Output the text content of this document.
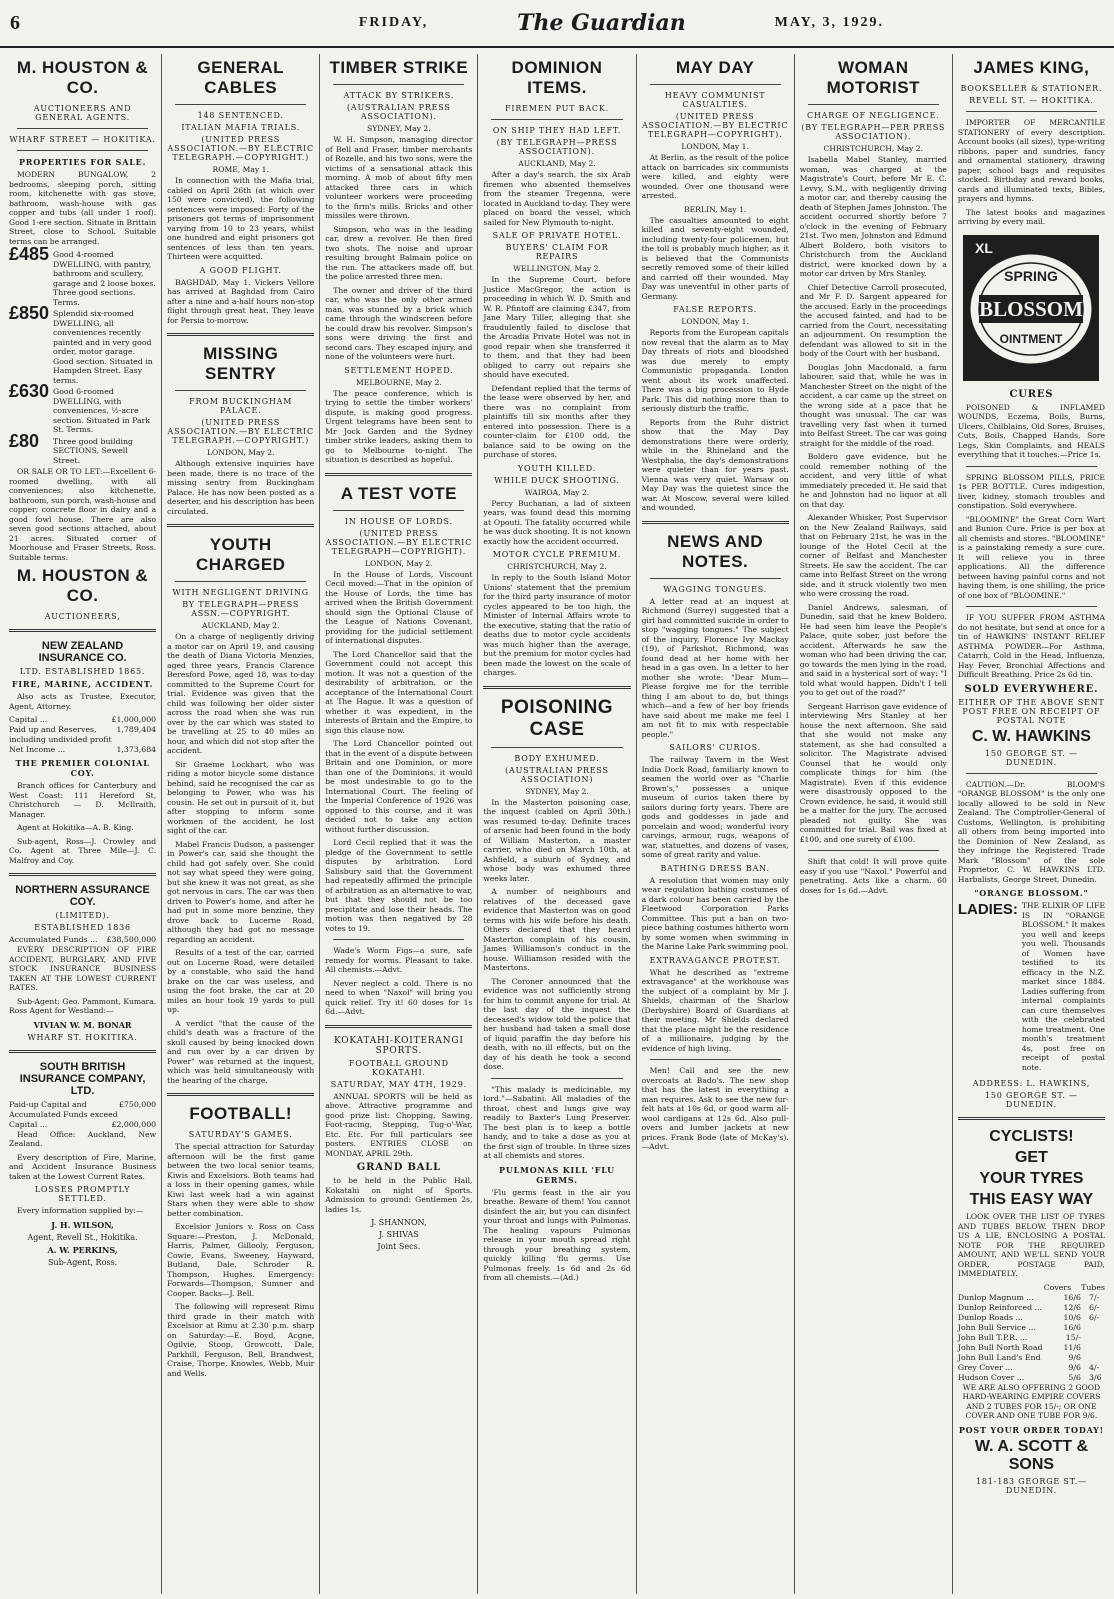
6	FRIDAY,	The Guardian	MAY, 3, 1929.
M. HOUSTON & CO.
AUCTIONEERS AND GENERAL AGENTS.
WHARF STREET — HOKITIKA.
PROPERTIES FOR SALE.

MODERN BUNGALOW, 2 bedrooms, sleeping porch, sitting room, kitchenette with gas stove, bathroom, wash-house with gas copper and tubs (all under 1 roof). Good 1-ere section. Situate in Brittain Street, close to School. Suitable terms can be arranged.

£485 Good 4-roomed DWELLING, with pantry, bathroom and scullery, garage and 2 loose boxes. Three good sections. Terms.
£850 Splendid six-roomed DWELLING, all conveniences recently painted and in very good order, motor garage. Good section. Situated in Hampden Street. Easy terms.
£630 Good 6-roomed DWELLING, with conveniences, ½-acre section. Situated in Park St. Terms.
£80	Three good building SECTIONS, Sewell Street.

OR SALE OR TO LET:—Excellent 6-roomed dwelling, with all conveniences; also kitchenette, bathroom, sun porch, wash-house and copper; concrete floor in dairy and a good fowl house. There are also seven good sections attached, about 21 acres. Situated corner of Moorhouse and Fraser Streets, Ross. Suitable terms.

M. HOUSTON & CO.
AUCTIONEERS,
NEW ZEALAND INSURANCE CO.
LTD. ESTABLISHED 1865.
FIRE, MARINE, ACCIDENT.

Also acts as Trustee, Executor, Agent, Attorney.

Capital ...	£1,000,000
Paid up and Reserves, including undivided profit
1,789,404
Net Income ...	1,373,684
THE PREMIER COLONIAL COY.

Branch offices for Canterbury and West Coast: 111 Hereford St, Christchurch — D. McIlraith, Manager.

Agent at Hokitika—A. B. King.

Sub-agent, Ross—J. Crowley and Co. Agent at Three Mile—J. C. Malfroy and Coy.

NORTHERN ASSURANCE COY.
(LIMITED).
ESTABLISHED 1836
Accumulated Funds ... £38,500,000

EVERY DESCRIPTION OF FIRE ACCIDENT, BURGLARY, AND FIVE STOCK INSURANCE BUSINESS TAKEN AT THE LOWEST CURRENT RATES.

Sub-Agent: Geo. Pammont, Kumara. Ross Agent for Westland:—

VIVIAN W. M. BONAR
WHARF ST. HOKITIKA.
SOUTH BRITISH INSURANCE COMPANY, LTD.
Paid-up Capital and Accumulated Funds exceed
£750,000
Capital ...	£2,000,000

Head Office: Auckland, New Zealand.

Every description of Fire, Marine, and Accident Insurance Business taken at the Lowest Current Rates.

LOSSES PROMPTLY SETTLED.

Every information supplied by:—

J. H. WILSON,
Agent, Revell St., Hokitika.
A. W. PERKINS,
Sub-Agent, Ross.
GENERAL CABLES
148 SENTENCED.
ITALIAN MAFIA TRIALS.
(UNITED PRESS ASSOCIATION.—BY ELECTRIC TELEGRAPH.—COPYRIGHT.)
ROME, May 1.

In connection with the Mafia trial, cabled on April 26th (at which over 150 were convicted), the following sentences were imposed: Forty of the prisoners got terms of imprisonment varying from 10 to 23 years, whilst one hundred and eight prisoners got sentences of less than ten years. Thirteen were acquitted.

A GOOD FLIGHT.

BAGHDAD, May 1. Vickers Vellore has arrived at Baghdad from Cairo after a nine and a-half hours non-stop flight through great heat. They leave for Persia to-morrow.

MISSING SENTRY
FROM BUCKINGHAM PALACE.
(UNITED PRESS ASSOCIATION.—BY ELECTRIC TELEGRAPH.—COPYRIGHT.)
LONDON, May 2.

Although extensive inquiries have been made, there is no trace of the missing sentry from Buckingham Palace. He has now been posted as a deserter, and his description has been circulated.

YOUTH CHARGED
WITH NEGLIGENT DRIVING
BY TELEGRAPH—PRESS ASSN.—COPYRIGHT.
AUCKLAND, May 2.

On a charge of negligently driving a motor car on April 19, and causing the death of Diana Victoria Menzies, aged three years, Francis Clarence Beresford Powe, aged 18, was to-day committed to the Supreme Court for trial. Evidence was given that the child was following her older sister across the road when she was run over by the car which was stated to be travelling at 25 to 40 miles an hour, and which did not stop after the accident.

Sir Graeme Lockhart, who was riding a motor bicycle some distance behind, said he recognised the car as belonging to Power, who was his cousin. He set out in pursuit of it, but after stopping to inform some workmen of the accident, he lost sight of the car.

Mabel Francis Dudson, a passenger in Power's car, said she thought the child had got safely over. She could not say what speed they were going, but she knew it was not great, as she got nervous in cars. The car was then driven to Power's home, and after he had put in some more benzine, they drove back to Lucerne Road, although they had got no message regarding an accident.

Results of a test of the car, carried out on Lucerne Road, were detailed by a constable, who said the hand brake on the car was useless, and using the foot brake, the car at 20 miles an hour took 19 yards to pull up.

A verdict "that the cause of the child's death was a fracture of the skull caused by being knocked down and run over by a car driven by Power" was returned at the inquest, which was held simultaneously with the hearing of the charge.

FOOTBALL!
SATURDAY'S GAMES.

The special attraction for Saturday afternoon will be the first game between the two local senior teams, Kiwis and Excelsiors. Both teams had a loss in their opening games, while Kiwi last week had a win against Stars when they were able to show better combination.

Excelsior Juniors v. Ross on Cass Square:—Preston, J. McDonald, Harris, Palmer, Gillooly, Ferguson, Cowie, Evans, Sweeney, Hayward, Butland, Dale, Schroder R. Thompson, Hughes. Emergency: Forwards—Thompson, Sumner and Cooper. Backs—J. Bell.

The following will represent Rimu third grade in their match with Excelsior at Rimu at 2.30 p.m. sharp on Saturday:—E. Boyd, Acgne, Ogilvie, Stoop, Growcott, Dale, Parkhill, Ferguson, Bell, Brandwest, Craise, Thorpe, Knowles, Webb, Muir and Wells.

TIMBER STRIKE
ATTACK BY STRIKERS.
(AUSTRALIAN PRESS ASSOCIATION).
SYDNEY, May 2.

W. H. Simpson, managing director of Bell and Fraser, timber merchants of Rozelle, and his two sons, were the victims of a sensational attack this morning. A mob of about fifty men attacked three cars in which volunteer workers were proceeding to the firm's mills. Bricks and other missiles were thrown.

Simpson, who was in the leading car, drew a revolver. He then fired two shots. The noise and uproar resulting brought Balmain police on the run. The attackers made off, but the police arrested three men.

The owner and driver of the third car, who was the only other armed man, was stunned by a brick which came through the windscreen before he could draw his revolver. Simpson's sons were driving the first and second cars. They escaped injury, and none of the volunteers were hurt.

SETTLEMENT HOPED.
MELBOURNE, May 2.

The peace conference, which is trying to settle the timber workers' dispute, is making good progress. Urgent telegrams have been sent to Mr Jock Garden and the Sydney timber strike leaders, asking them to go to Melbourne to-night. The situation is described as hopeful.

A TEST VOTE
IN HOUSE OF LORDS.
(UNITED PRESS ASSOCIATION.—BY ELECTRIC TELEGRAPH—COPYRIGHT).
LONDON, May 2.

In the House of Lords, Viscount Cecil moved:—That in the opinion of the House of Lords, the time has arrived when the British Government should sign the Optional Clause of the League of Nations Covenant, providing for the judicial settlement of international disputes.

The Lord Chancellor said that the Government could not accept this motion. It was not a question of the desirability of arbitration, or the acceptance of the International Court at The Hague. It was a question of whether it was expedient, in the interests of Britain and the Empire, to sign this clause now.

The Lord Chancellor pointed out that in the event of a dispute between Britain and one Dominion, or more than one of the Dominions, it would be most undesirable to go to the International Court. The feeling of the Imperial Conference of 1926 was opposed to this course, and it was decided not to take any action without further discussion.

Lord Cecil replied that it was the pledge of the Government to settle disputes by arbitration. Lord Salisbury said that the Government had repeatedly affirmed the principle of arbitration as an alternative to war, but that they should not be too precipitate and lose their heads. The motion was then negatived by 28 votes to 19.

Wade's Worm Figs—a sure, safe remedy for worms. Pleasant to take. All chemists.—Advt.

Never neglect a cold. There is no need to when "Naxol" will bring you quick relief. Try it! 60 doses for 1s 6d.—Advt.

KOKATAHI-KOITERANGI SPORTS.
FOOTBALL GROUND KOKATAHI.
SATURDAY, MAY 4TH, 1929.

ANNUAL SPORTS will be held as above. Attractive programme and good prize list: Chopping, Sawing, Foot-racing, Stepping, Tug-o'-War, Etc. Etc. For full particulars see posters. ENTRIES CLOSE on MONDAY, APRIL 29th.

GRAND BALL

to be held in the Public Hall, Kokatahi on night of Sports. Admission to ground: Gentlemen 2s, ladies 1s.

J. SHANNON,
J. SHIVAS
Joint Secs.
DOMINION ITEMS.
FIREMEN PUT BACK.
ON SHIP THEY HAD LEFT.
(BY TELEGRAPH—PRESS ASSOCIATION).
AUCKLAND, May 2.

After a day's search, the six Arab firemen who absented themselves from the steamer Tregenna, were located in Auckland to-day. They were placed on board the vessel, which sailed for New Plymouth to-night.

SALE OF PRIVATE HOTEL.
BUYERS' CLAIM FOR REPAIRS
WELLINGTON, May 2.

In the Supreme Court, before Justice MacGregor, the action is proceeding in which W. D. Smith and W. R. Pfintoff are claiming £347, from Jane Mary Tiller, alleging that she fraudulently failed to disclose that the Arcadia Private Hotel was not in good repair when she transferred it to them, and that they had been obliged to carry out repairs she should have executed.

Defendant replied that the terms of the lease were observed by her, and there was no complaint from plaintiffs till six months after they entered into possession. There is a counter-claim for £100 odd, the balance said to be owing on the purchase of stores.

YOUTH KILLED.
WHILE DUCK SHOOTING.
WAIROA, May 2.

Percy Buchanan, a lad of sixteen years, was found dead this morning at Opouti. The fatality occurred while he was duck shooting. It is not known exactly how the accident occurred.

MOTOR CYCLE PREMIUM.
CHRISTCHURCH, May 2.

In reply to the South Island Motor Unions' statement that the premium for the third party insurance of motor cycles appeared to be too high, the Minister of Internal Affairs wrote to the executive, stating that the ratio of deaths due to motor cycle accidents was much higher than the average, but the premium for motor cycles had been made the lowest on the scale of charges.

POISONING CASE
BODY EXHUMED.
(AUSTRALIAN PRESS ASSOCIATION)
SYDNEY, May 2.

In the Masterton poisoning case, the inquest (cabled on April 30th.) was resumed to-day. Definite traces of arsenic had been found in the body of William Masterton, a master carrier, who died on March 10th, at Ashfield, a suburb of Sydney, and whose body was exhumed three weeks later.

A number of neighbours and relatives of the deceased gave evidence that Masterton was on good terms with his wife before his death. Others declared that they heard Masterton complain of his cousin, James Williamson's conduct in the house. Williamson resided with the Mastertons.

The Coroner announced that the evidence was not sufficiently strong for him to commit anyone for trial. At the last day of the inquest the deceased's widow told the police that her husband had taken a small dose of liquid paraffin the day before his death, with no ill effects, but on the day of his death he took a second dose.

"This malady is medicinable, my lord."—Sabatini. All maladies of the throat, chest and lungs give way readily to Baxter's Lung Preserver. The best plan is to keep a bottle handy, and to take a dose as you at the first sign of trouble. In three sizes at all chemists and stores.

PULMONAS KILL 'FLU GERMS.

'Flu germs feast in the air you breathe. Beware of them! You cannot disinfect the air, but you can disinfect your throat and lungs with Pulmonas. The healing vapours Pulmonas release in your mouth spread right through your breathing system, quickly killing 'flu germs. Use Pulmonas freely. 1s 6d and 2s 6d from all chemists.—(Ad.)

MAY DAY
HEAVY COMMUNIST CASUALTIES.
(UNITED PRESS ASSOCIATION.—BY ELECTRIC TELEGRAPH—COPYRIGHT).
LONDON, May 1.

At Berlin, as the result of the police attack on barricades six communists were killed, and eighty were wounded. Over one thousand were arrested.

BERLIN, May 1.

The casualties amounted to eight killed and seventy-eight wounded, including twenty-four policemen, but the toll is probably much higher, as it is believed that the Communists secretly removed some of their killed and carried off their wounded. May Day was uneventful in other parts of Germany.

FALSE REPORTS.
LONDON, May 1.

Reports from the European capitals now reveal that the alarm as to May Day threats of riots and bloodshed was due merely to empty Communistic propaganda. London went about its work unaffected. There was a big procession to Hyde Park. This did nothing more than to seriously disturb the traffic.

Reports from the Ruhr district show that the May Day demonstrations there were orderly, while in the Rhineland and the Westphalia, the day's demonstrations were quieter than for years past. Vienna was very quiet. Warsaw on May Day was the quietest since the war. At Moscow, several were killed and wounded.

NEWS AND NOTES.
WAGGING TONGUES.

A letter read at an inquest at Richmond (Surrey) suggested that a girl had committed suicide in order to stop "wagging tongues." The subject of the inquiry, Florence Ivy Mackay (19), of Parkshot, Richmond, was found dead at her home with her head in a gas oven. In a letter to her mother she wrote: "Dear Mum—Please forgive me for the terrible thing I am about to do, but things which—and a few of her boy friends have said about me make me feel I am not fit to mix with respectable people."

SAILORS' CURIOS.

The railway Tavern in the West India Dock Road, familiarly known to seamen the world over as "Charlie Brown's," possesses a unique museum of curios taken there by sailors during forty years. There are gods and goddesses in jade and porcelain and wood; wonderful ivory carvings, armour, rugs, weapons of war, statuettes, and dozens of vases, some of great rarity and value.

BATHING DRESS BAN.

A resolution that women may only wear regulation bathing costumes of a dark colour has been carried by the Fleetwood Corporation Parks Committee. This put a ban on two-piece bathing costumes hitherto worn by some women when swimming in the Marine Lake Park swimming pool.

EXTRAVAGANCE PROTEST.

What he described as "extreme extravagance" at the workhouse was the subject of a complaint by Mr J. Shields, chairman of the Sharlow (Derbyshire) Board of Guardians at their meeting. Mr Shields declared that the place might be the residence of a millionaire, judging by the evidence of high living.

Men! Call and see the new overcoats at Bado's. The new shop that has the latest in everything a man requires. Ask to see the new fur-felt hats at 10s 6d, or good warm all-wool cardigans at 12s 6d. Also pull-overs and lumber jackets at new prices. Frank Bode (late of McKay's).—Advt.

WOMAN MOTORIST
CHARGE OF NEGLIGENCE.
(BY TELEGRAPH—PER PRESS ASSOCIATION).
CHRISTCHURCH, May 2.

Isabella Mabel Stanley, married woman, was charged at the Magistrate's Court, before Mr E. C. Levvy, S.M., with negligently driving a motor car, and thereby causing the death of Stephen James Johnston. The accident occurred shortly before 7 o'clock in the evening of February 21st. Two men, Johnston and Edmund Albert Boldero, both visitors to Christchurch from the Auckland district, were knocked down by a motor car driven by Mrs Stanley.

Chief Detective Carroll prosecuted, and Mr F. D. Sargent appeared for the accused. Early in the proceedings the accused fainted, and had to be carried from the Court, necessitating an adjournment. On resumption the defendant was allowed to sit in the body of the Court with her husband.

Douglas John Macdonald, a farm labourer, said that, while he was in Manchester Street on the night of the accident, a car came up the street on the wrong side at a pace that he thought was unusual. The car was travelling very fast when it turned into Belfast Street. The car was going straight for the middle of the road.

Boldero gave evidence, but he could remember nothing of the accident, and very little of what immediately preceded it. He said that he and Johnston had no liquor at all on that day.

Alexander Whisker, Post Supervisor on the New Zealand Railways, said that on February 21st, he was in the lounge of the Hotel Cecil at the corner of Belfast and Manchester Streets. He saw the accident. The car came into Belfast Street on the wrong side, and it struck violently two men who were crossing the road.

Daniel Andrews, salesman, of Dunedin, said that he knew Boldero. He had seen him leave the People's Palace, quite sober, just before the accident. Afterwards he saw the woman who had been driving the car, go towards the men lying in the road, and said in a hysterical sort of way: "I told what would happen. Didn't I tell you to get out of the road?"

Sergeant Harrison gave evidence of interviewing Mrs Stanley at her house the next afternoon. She said that she would not make any statement, as she had consulted a solicitor. The Magistrate advised Counsel that he would only complicate things for him (the Magistrate). Even if this evidence were disastrously opposed to the Crown evidence, he said, it would still be a matter for the jury. The accused pleaded not guilty. She was committed for trial. Bail was fixed at £100, and one surety of £100.

Shift that cold! It will prove quite easy if you use "Naxol." Powerful and penetrating. Acts like a charm. 60 doses for 1s 6d.—Advt.

JAMES KING,
BOOKSELLER & STATIONER.
REVELL ST. — HOKITIKA.

IMPORTER OF MERCANTILE STATIONERY of every description. Account books (all sizes), type-writing ribbons, paper and sundries, fancy and ornamental stationery, drawing paper, school bags and requisites stocked. Birthday and reward books, cards and illuminated texts, Bibles, prayers and hymns.

The latest books and magazines arriving by every mail.

XL
SPRING
BLOSSOM
OINTMENT
CURES

POISONED & INFLAMED WOUNDS, Eczema, Boils, Burns, Ulcers, Chilblains, Old Sores, Bruises, Cuts, Boils, Chapped Hands, Sore Legs, Skin Complaints, and HEALS everything that it touches.—Price 1s.

SPRING BLOSSOM PILLS, PRICE 1s PER BOTTLE. Cures indigestion, liver, kidney, stomach troubles and constipation. Sold everywhere.

"BLOOMINE" the Great Corn Wart and Bunion Cure. Price is per box at all chemists and stores. "BLOOMINE" is a painstaking remedy a sure cure. It will relieve you in three applications. All the difference between having painful corns and not having them, is one shilling, the price of one box of "BLOOMINE."

IF YOU SUFFER FROM ASTHMA do not hesitate, but send at once for a tin of HAWKINS' INSTANT RELIEF ASTHMA POWDER—For Asthma, Catarrh, Cold in the Head, Influenza, Hay Fever, Bronchial Affections and Difficult Breathing. Price 2s 6d tin.

SOLD EVERYWHERE.
EITHER OF THE ABOVE SENT POST FREE ON RECEIPT OF POSTAL NOTE
C. W. HAWKINS
150 GEORGE ST. — DUNEDIN.

CAUTION.—Dr. BLOOM'S "ORANGE BLOSSOM" is the only one locally allowed to be sold in New Zealand. The Comptroller-General of Customs, Wellington, is prohibiting all others from being imported into the Dominion of New Zealand, as they infringe the Registered Trade Mark "Blossom" of the sole Proprietor, C. W. HAWKINS LTD. Harbalists, George Street, Dunedin.

"ORANGE BLOSSOM."
LADIES: THE ELIXIR OF LIFE IS IN "ORANGE BLOSSOM." It makes you well and keeps you well. Thousands of Women have testified to its efficacy in the N.Z. market since 1884. Ladies suffering from internal complaints can cure themselves with the celebrated home treatment. One month's treatment 4s, post free on receipt of postal note.

ADDRESS: L. HAWKINS,
150 GEORGE ST. — DUNEDIN.
CYCLISTS!
GET
YOUR TYRES
THIS EASY WAY

LOOK OVER THE LIST OF TYRES AND TUBES BELOW. THEN DROP US A LIE, ENCLOSING A POSTAL NOTE FOR THE REQUIRED AMOUNT, AND WE'LL SEND YOUR ORDER, POSTAGE PAID, IMMEDIATELY.

Covers Tubes
Dunlop Magnum ...	16/6 7/-
Dunlop Reinforced ...	12/6 6/-
Dunlop Roads ...	10/6 6/-
John Bull Service ...	16/6
John Bull T.P.R. ...	15/-
John Bull North Road	11/6
John Bull Land's End	9/6
Grey Cover ...	9/6 4/-
Hudson Cover ...	5/6 3/6

WE ARE ALSO OFFERING 2 GOOD HARD-WEARING EMPIRE COVERS AND 2 TUBES FOR 15/-; OR ONE COVER AND ONE TUBE FOR 9/6.

POST YOUR ORDER TODAY!
W. A. SCOTT & SONS
181-183 GEORGE ST.—DUNEDIN.
